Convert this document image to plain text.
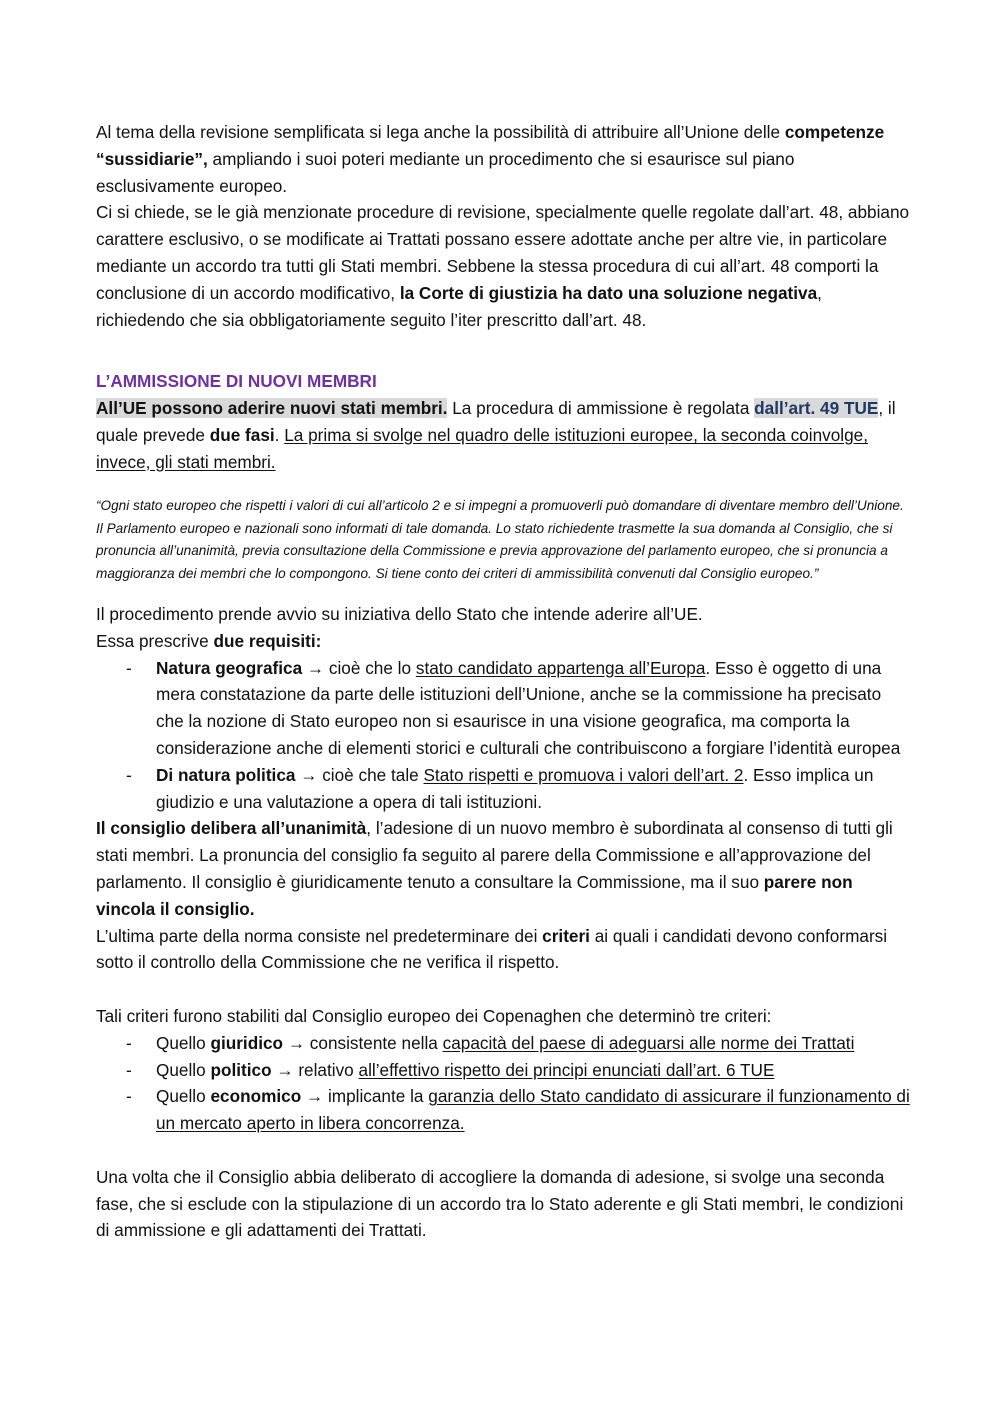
Al tema della revisione semplificata si lega anche la possibilità di attribuire all’Unione delle competenze “sussidiarie”, ampliando i suoi poteri mediante un procedimento che si esaurisce sul piano esclusivamente europeo.

Ci si chiede, se le già menzionate procedure di revisione, specialmente quelle regolate dall’art. 48, abbiano carattere esclusivo, o se modificate ai Trattati possano essere adottate anche per altre vie, in particolare mediante un accordo tra tutti gli Stati membri. Sebbene la stessa procedura di cui all’art. 48 comporti la conclusione di un accordo modificativo, la Corte di giustizia ha dato una soluzione negativa, richiedendo che sia obbligatoriamente seguito l’iter prescritto dall’art. 48.

L’AMMISSIONE DI NUOVI MEMBRI

All’UE possono aderire nuovi stati membri. La procedura di ammissione è regolata dall’art. 49 TUE, il quale prevede due fasi. La prima si svolge nel quadro delle istituzioni europee, la seconda coinvolge, invece, gli stati membri.

“Ogni stato europeo che rispetti i valori di cui all’articolo 2 e si impegni a promuoverli può domandare di diventare membro dell’Unione. Il Parlamento europeo e nazionali sono informati di tale domanda. Lo stato richiedente trasmette la sua domanda al Consiglio, che si pronuncia all’unanimità, previa consultazione della Commissione e previa approvazione del parlamento europeo, che si pronuncia a maggioranza dei membri che lo compongono. Si tiene conto dei criteri di ammissibilità convenuti dal Consiglio europeo.”

Il procedimento prende avvio su iniziativa dello Stato che intende aderire all’UE.

Essa prescrive due requisiti:

- Natura geografica → cioè che lo stato candidato appartenga all’Europa. Esso è oggetto di una mera constatazione da parte delle istituzioni dell’Unione, anche se la commissione ha precisato che la nozione di Stato europeo non si esaurisce in una visione geografica, ma comporta la considerazione anche di elementi storici e culturali che contribuiscono a forgiare l’identità europea
- Di natura politica → cioè che tale Stato rispetti e promuova i valori dell’art. 2. Esso implica un giudizio e una valutazione a opera di tali istituzioni.

Il consiglio delibera all’unanimità, l’adesione di un nuovo membro è subordinata al consenso di tutti gli stati membri. La pronuncia del consiglio fa seguito al parere della Commissione e all’approvazione del parlamento. Il consiglio è giuridicamente tenuto a consultare la Commissione, ma il suo parere non vincola il consiglio.

L’ultima parte della norma consiste nel predeterminare dei criteri ai quali i candidati devono conformarsi sotto il controllo della Commissione che ne verifica il rispetto.

Tali criteri furono stabiliti dal Consiglio europeo dei Copenaghen che determinò tre criteri:

- Quello giuridico → consistente nella capacità del paese di adeguarsi alle norme dei Trattati
- Quello politico → relativo all’effettivo rispetto dei principi enunciati dall’art. 6 TUE
- Quello economico → implicante la garanzia dello Stato candidato di assicurare il funzionamento di un mercato aperto in libera concorrenza.

Una volta che il Consiglio abbia deliberato di accogliere la domanda di adesione, si svolge una seconda fase, che si esclude con la stipulazione di un accordo tra lo Stato aderente e gli Stati membri, le condizioni di ammissione e gli adattamenti dei Trattati.
